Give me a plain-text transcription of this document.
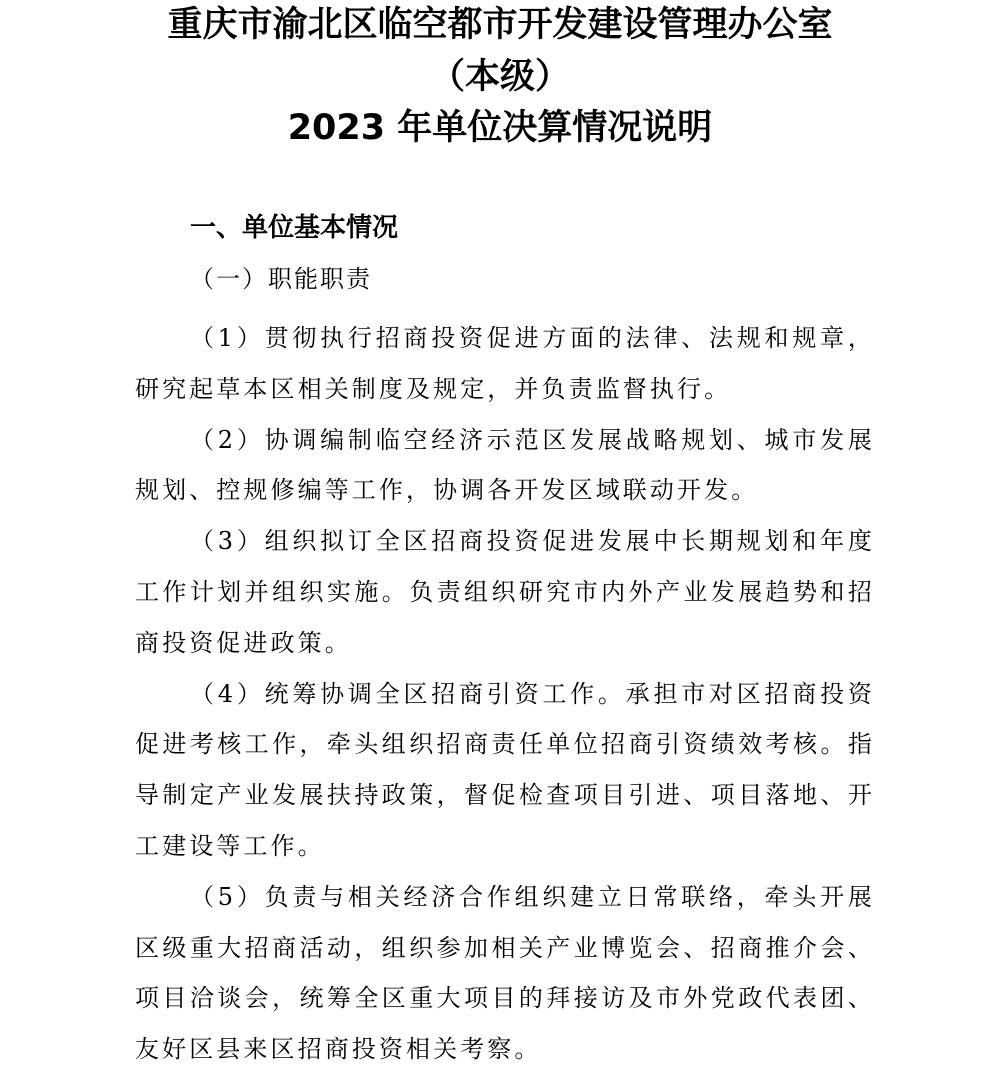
重庆市渝北区临空都市开发建设管理办公室
（本级）
2023 年单位决算情况说明
一、单位基本情况
（一）职能职责

（1）贯彻执行招商投资促进方面的法律、法规和规章，研究起草本区相关制度及规定，并负责监督执行。

（2）协调编制临空经济示范区发展战略规划、城市发展规划、控规修编等工作，协调各开发区域联动开发。

（3）组织拟订全区招商投资促进发展中长期规划和年度工作计划并组织实施。负责组织研究市内外产业发展趋势和招商投资促进政策。

（4）统筹协调全区招商引资工作。承担市对区招商投资促进考核工作，牵头组织招商责任单位招商引资绩效考核。指导制定产业发展扶持政策，督促检查项目引进、项目落地、开工建设等工作。

（5）负责与相关经济合作组织建立日常联络，牵头开展区级重大招商活动，组织参加相关产业博览会、招商推介会、项目洽谈会，统筹全区重大项目的拜接访及市外党政代表团、友好区县来区招商投资相关考察。
